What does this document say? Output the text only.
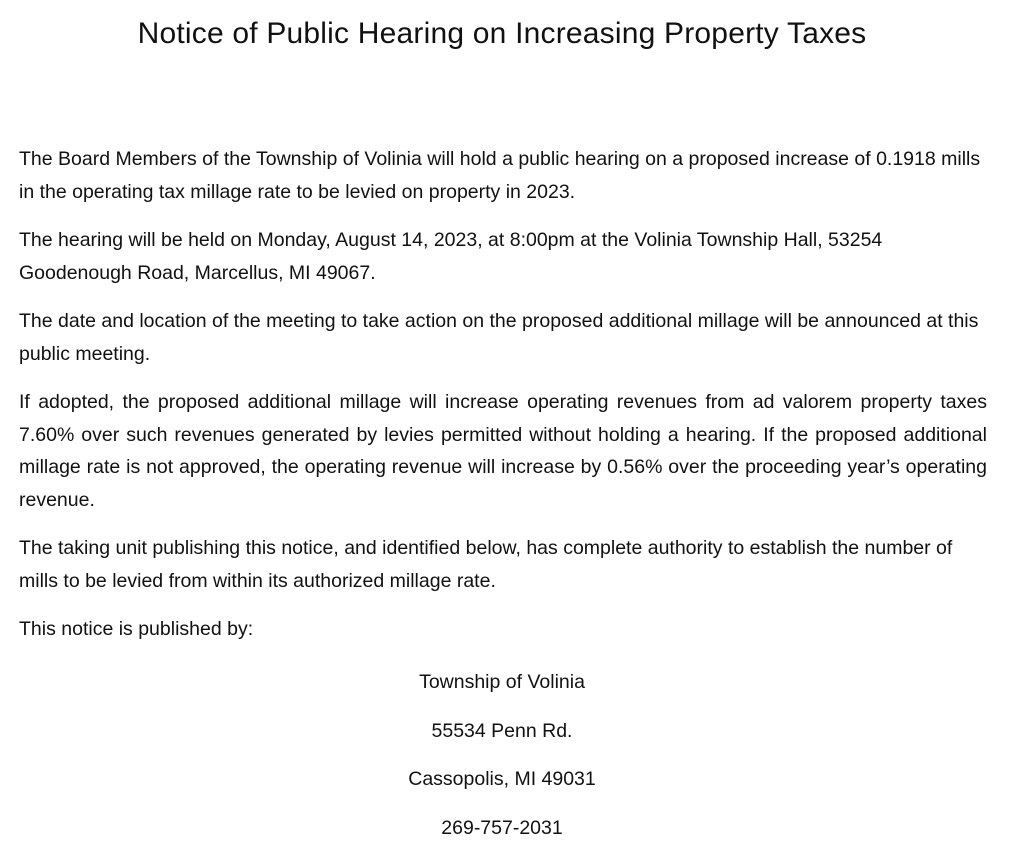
Notice of Public Hearing on Increasing Property Taxes

The Board Members of the Township of Volinia will hold a public hearing on a proposed increase of 0.1918 mills in the operating tax millage rate to be levied on property in 2023.

The hearing will be held on Monday, August 14, 2023, at 8:00pm at the Volinia Township Hall, 53254 Goodenough Road, Marcellus, MI 49067.

The date and location of the meeting to take action on the proposed additional millage will be announced at this public meeting.

If adopted, the proposed additional millage will increase operating revenues from ad valorem property taxes 7.60% over such revenues generated by levies permitted without holding a hearing. If the proposed additional millage rate is not approved, the operating revenue will increase by 0.56% over the proceeding year’s operating revenue.

The taking unit publishing this notice, and identified below, has complete authority to establish the number of mills to be levied from within its authorized millage rate.

This notice is published by:

Township of Volinia
55534 Penn Rd.
Cassopolis, MI 49031
269-757-2031
